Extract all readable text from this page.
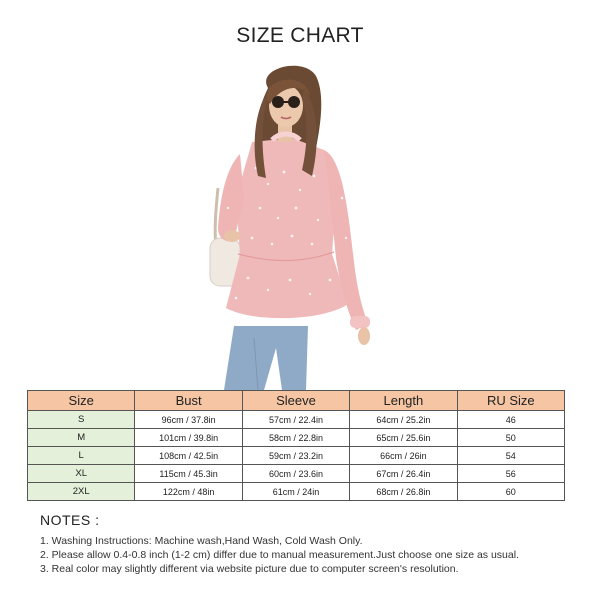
SIZE CHART
Size	Bust	Sleeve	Length	RU Size
S	96cm / 37.8in	57cm / 22.4in	64cm / 25.2in	46
M	101cm / 39.8in	58cm / 22.8in	65cm / 25.6in	50
L	108cm / 42.5in	59cm / 23.2in	66cm / 26in	54
XL	115cm / 45.3in	60cm / 23.6in	67cm / 26.4in	56
2XL	122cm / 48in	61cm / 24in	68cm / 26.8in	60
NOTES :
1. Washing Instructions: Machine wash,Hand Wash, Cold Wash Only.
2. Please allow 0.4-0.8 inch (1-2 cm) differ due to manual measurement.Just choose one size as usual.
3. Real color may slightly different via website picture due to computer screen's resolution.
